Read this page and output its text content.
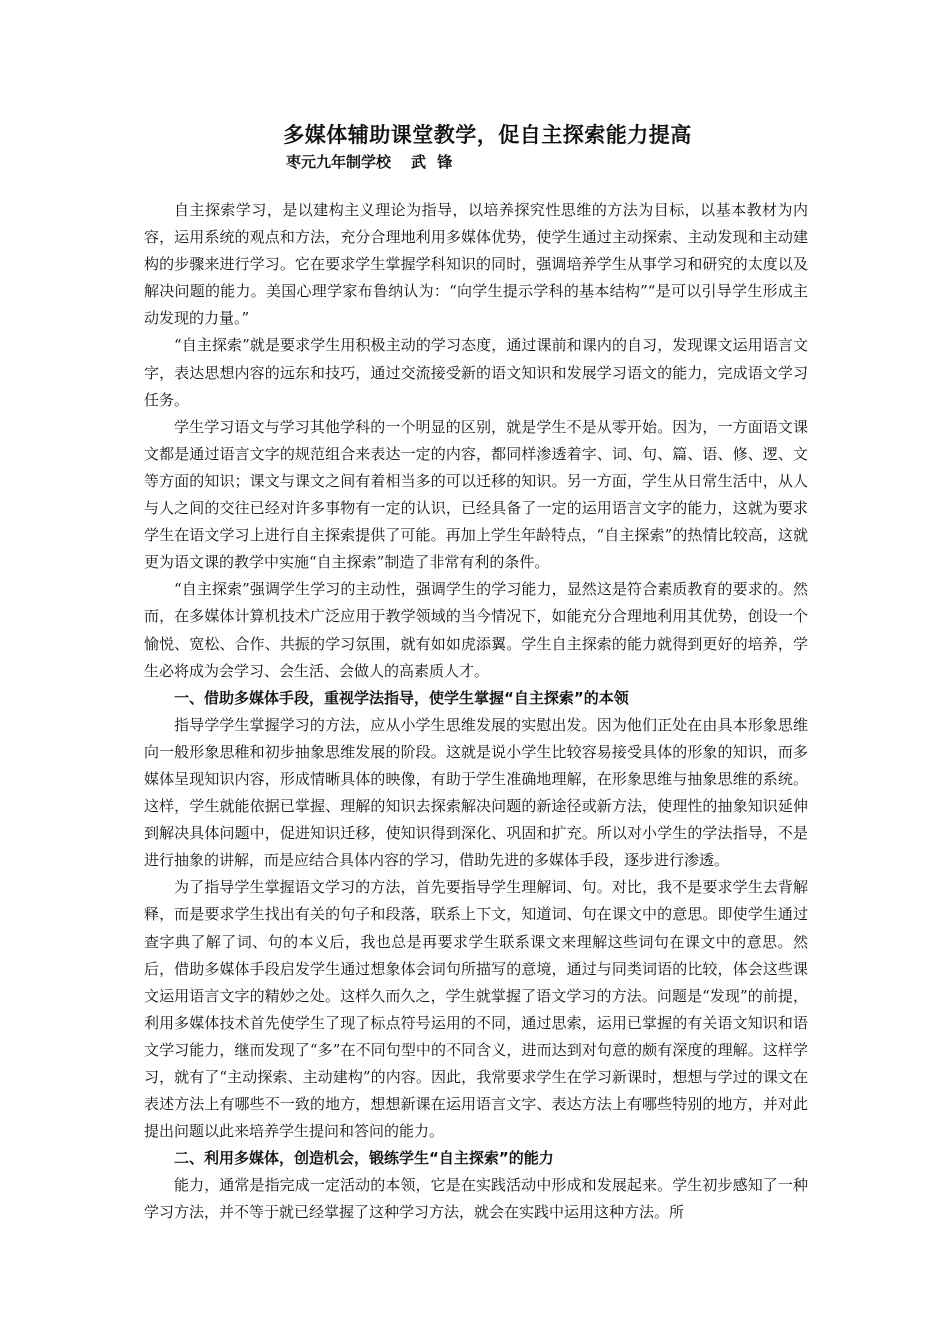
多媒体辅助课堂教学，促自主探索能力提高
枣元九年制学校 武 锋

自主探索学习，是以建构主义理论为指导，以培养探究性思维的方法为目标，以基本教材为内容，运用系统的观点和方法，充分合理地利用多媒体优势，使学生通过主动探索、主动发现和主动建构的步骤来进行学习。它在要求学生掌握学科知识的同时，强调培养学生从事学习和研究的太度以及解决问题的能力。美国心理学家布鲁纳认为：“向学生提示学科的基本结构”“是可以引导学生形成主动发现的力量。”

“自主探索”就是要求学生用积极主动的学习态度，通过课前和课内的自习，发现课文运用语言文字，表达思想内容的远东和技巧，通过交流接受新的语文知识和发展学习语文的能力，完成语文学习任务。

学生学习语文与学习其他学科的一个明显的区别，就是学生不是从零开始。因为，一方面语文课文都是通过语言文字的规范组合来表达一定的内容，都同样渗透着字、词、句、篇、语、修、逻、文等方面的知识；课文与课文之间有着相当多的可以迁移的知识。另一方面，学生从日常生活中，从人与人之间的交往已经对许多事物有一定的认识，已经具备了一定的运用语言文字的能力，这就为要求学生在语文学习上进行自主探索提供了可能。再加上学生年龄特点，“自主探索”的热情比较高，这就更为语文课的教学中实施“自主探索”制造了非常有利的条件。

“自主探索”强调学生学习的主动性，强调学生的学习能力，显然这是符合素质教育的要求的。然而，在多媒体计算机技术广泛应用于教学领域的当今情况下，如能充分合理地利用其优势，创设一个愉悦、宽松、合作、共振的学习氛围，就有如如虎添翼。学生自主探索的能力就得到更好的培养，学生必将成为会学习、会生活、会做人的高素质人才。

一、借助多媒体手段，重视学法指导，使学生掌握“自主探索”的本领

指导学学生掌握学习的方法，应从小学生思维发展的实慰出发。因为他们正处在由具本形象思维向一般形象思稚和初步抽象思维发展的阶段。这就是说小学生比较容易接受具体的形象的知识，而多媒体呈现知识内容，形成情晰具体的映像，有助于学生准确地理解，在形象思维与抽象思维的系统。这样，学生就能依据已掌握、理解的知识去探索解决问题的新途径或新方法，使理性的抽象知识延伸到解决具体问题中，促进知识迁移，使知识得到深化、巩固和扩充。所以对小学生的学法指导，不是进行抽象的讲解，而是应结合具体内容的学习，借助先进的多媒体手段，逐步进行渗透。

为了指导学生掌握语文学习的方法，首先要指导学生理解词、句。对比，我不是要求学生去背解释，而是要求学生找出有关的句子和段落，联系上下文，知道词、句在课文中的意思。即使学生通过查字典了解了词、句的本义后，我也总是再要求学生联系课文来理解这些词句在课文中的意思。然后，借助多媒体手段启发学生通过想象体会词句所描写的意境，通过与同类词语的比较，体会这些课文运用语言文字的精妙之处。这样久而久之，学生就掌握了语文学习的方法。问题是“发现”的前提，利用多媒体技术首先使学生了现了标点符号运用的不同，通过思索，运用已掌握的有关语文知识和语文学习能力，继而发现了“多”在不同句型中的不同含义，进而达到对句意的颇有深度的理解。这样学习，就有了“主动探索、主动建构”的内容。因此，我常要求学生在学习新课时，想想与学过的课文在表述方法上有哪些不一致的地方，想想新课在运用语言文字、表达方法上有哪些特别的地方，并对此提出问题以此来培养学生提问和答问的能力。

二、利用多媒体，创造机会，锻练学生“自主探索”的能力

能力，通常是指完成一定活动的本领，它是在实践活动中形成和发展起来。学生初步感知了一种学习方法，并不等于就已经掌握了这种学习方法，就会在实践中运用这种方法。所
